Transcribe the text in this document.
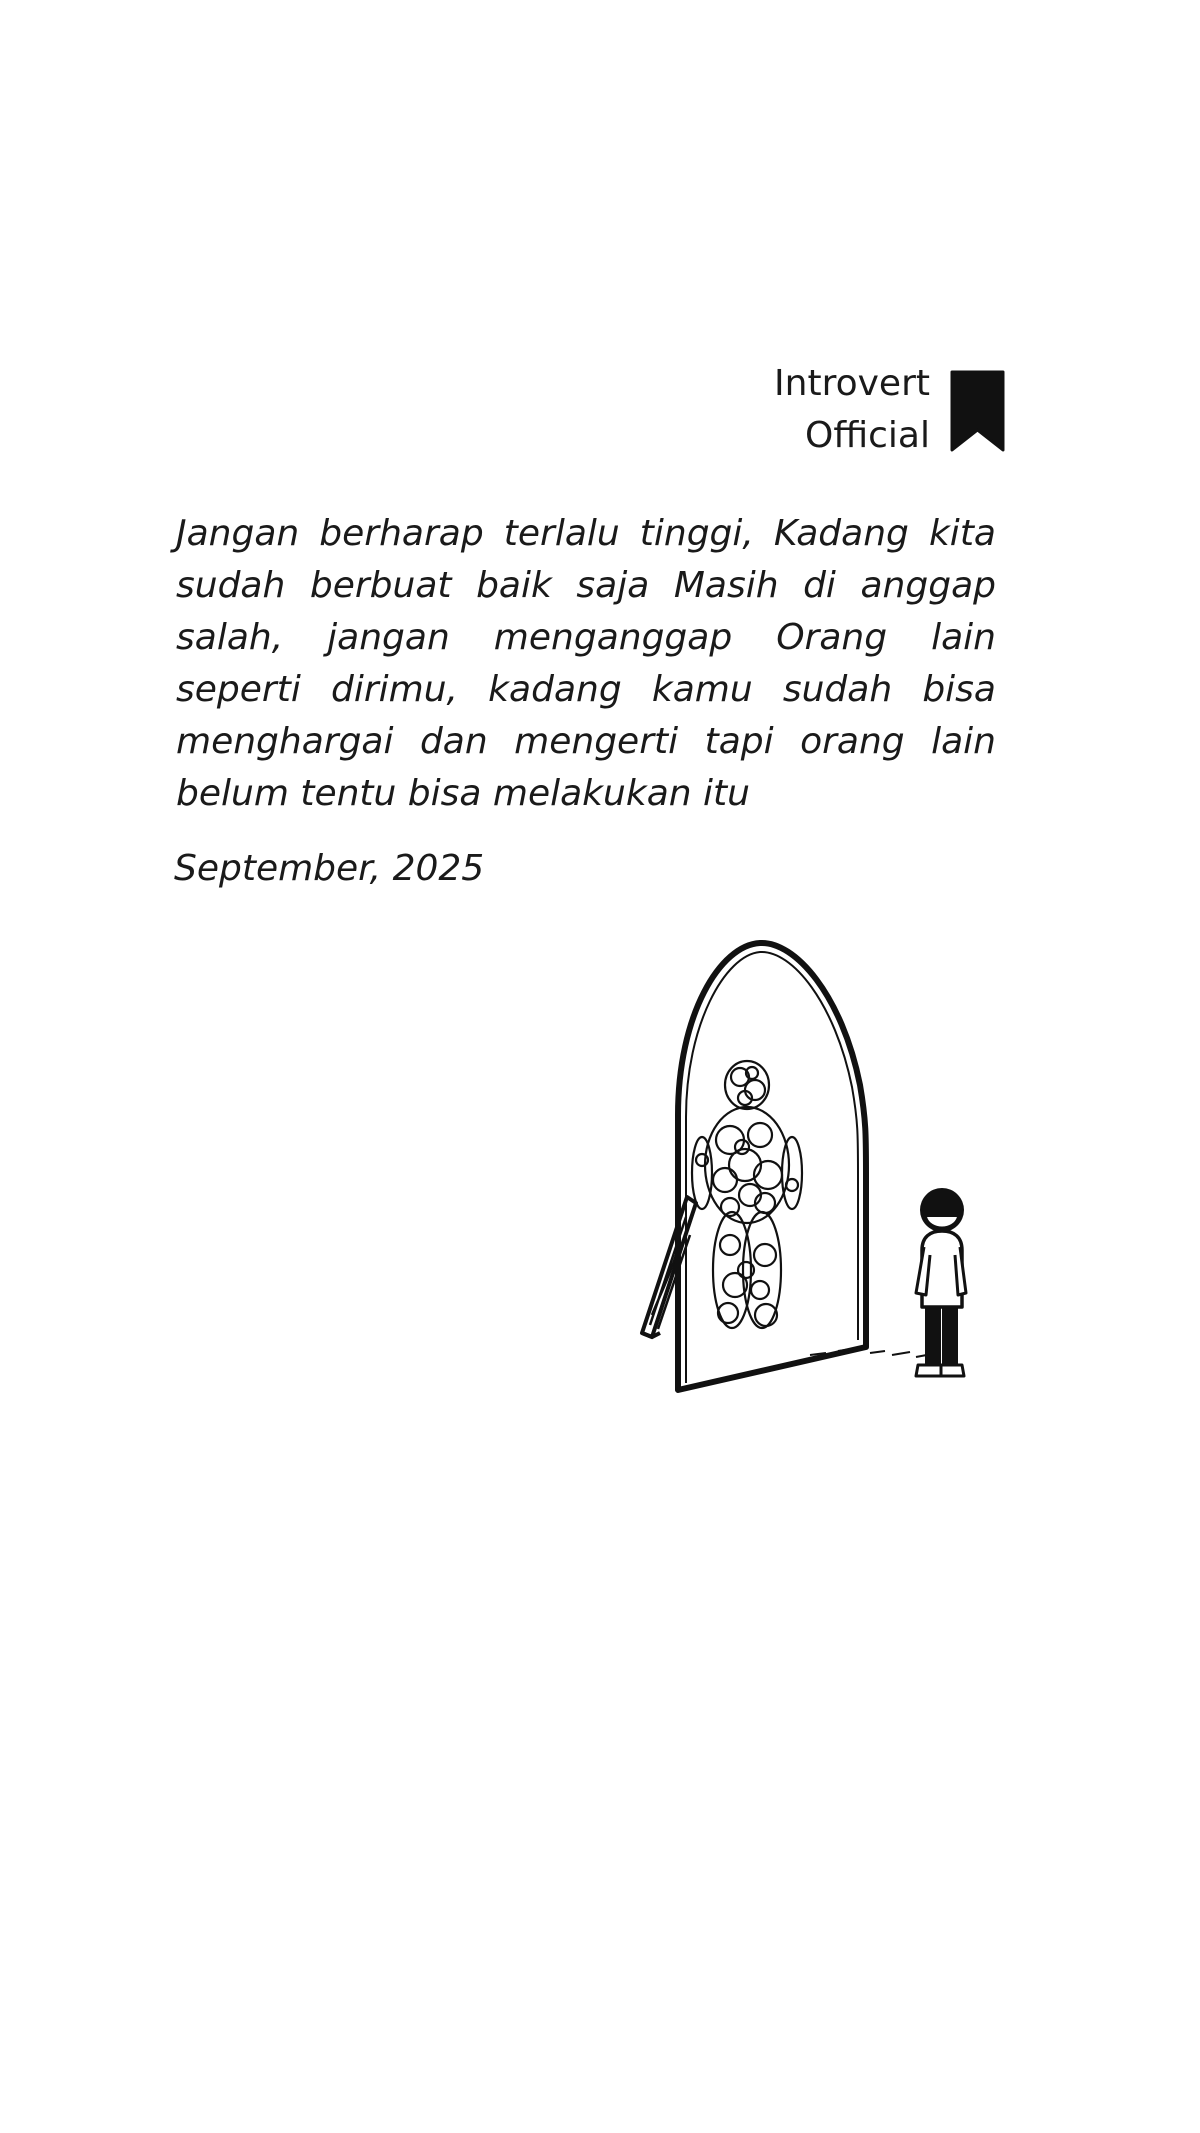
Introvert
Official

Jangan berharap terlalu tinggi, Kadang kita sudah berbuat baik saja Masih di anggap salah, jangan menganggap Orang lain seperti dirimu, kadang kamu sudah bisa menghargai dan mengerti tapi orang lain belum tentu bisa melakukan itu

September, 2025
